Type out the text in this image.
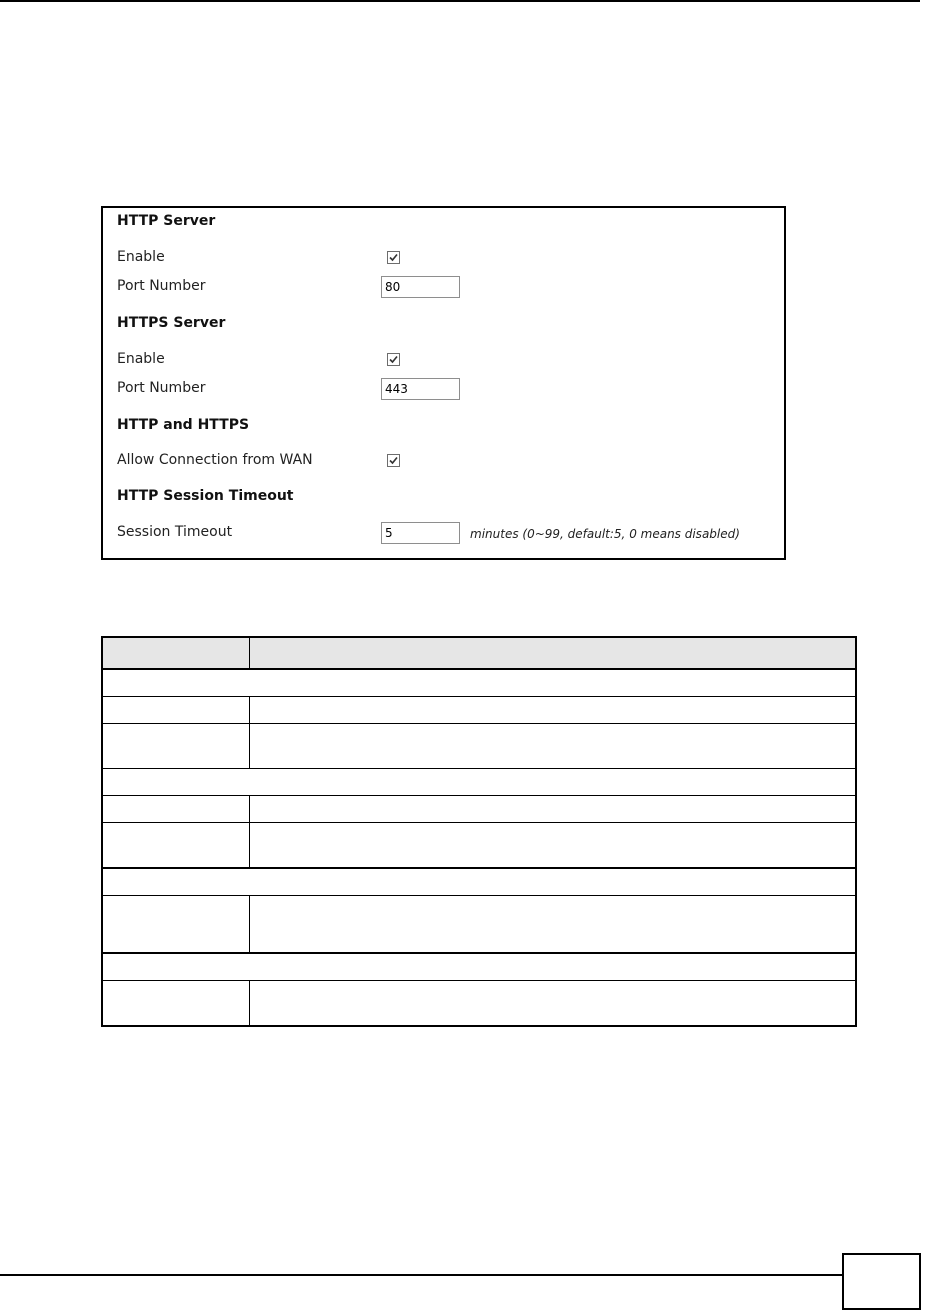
HTTP Server
Enable
Port Number	80
HTTPS Server
Enable
Port Number	443
HTTP and HTTPS
Allow Connection from WAN
HTTP Session Timeout
Session Timeout	5	minutes (0~99, default:5, 0 means disabled)
